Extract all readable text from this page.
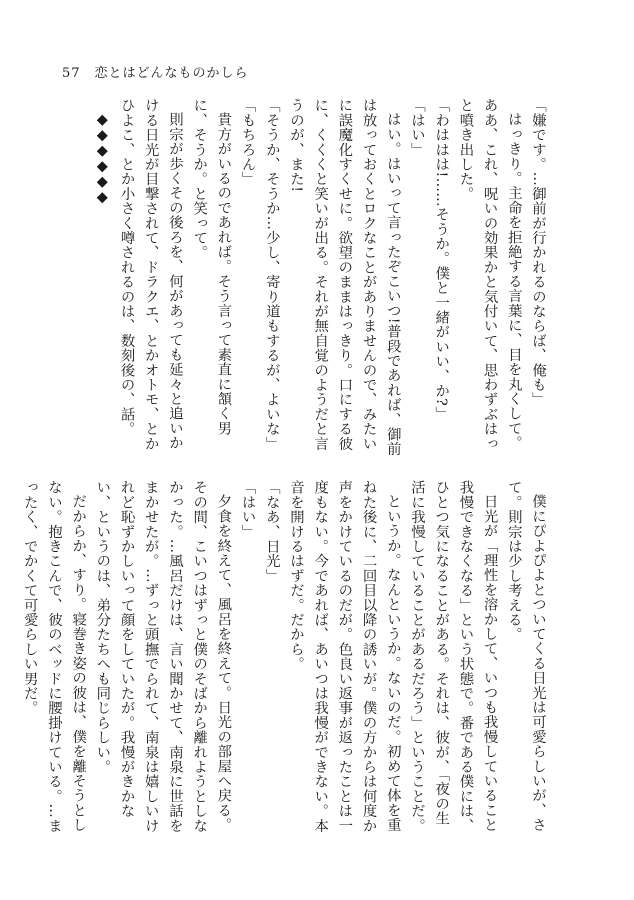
57 恋とはどんなものかしら

「嫌です。…御前が行かれるのならば、俺も」

はっきり。主命を拒絶する言葉に、目を丸くして。ああ、これ、呪いの効果かと気付いて、思わずぶはっと噴き出した。

「わははは!……そうか。僕と一緒がいい、か?」

「はい」

はい。はいって言ったぞこいつ!普段であれば、御前は放っておくとロクなことがありませんので、みたいに誤魔化すくせに。欲望のままはっきり。口にする彼に、くくくと笑いが出る。それが無自覚のようだと言うのが、また!

「そうか、そうか…少し、寄り道もするが、よいな」

「もちろん」

貴方がいるのであれば。そう言って素直に頷く男に、そうか。と笑って。

則宗が歩くその後ろを、何があっても延々と追いかける日光が目撃されて、ドラクエ、とかオトモ、とかひよこ、とか小さく噂されるのは、数刻後の、話。

◆◆◆◆◆◆

僕にぴよぴよとついてくる日光は可愛らしいが、さて。則宗は少し考える。

日光が「理性を溶かして、いつも我慢していること我慢できなくなる」という状態で。番である僕には、ひとつ気になることがある。それは、彼が、「夜の生活に我慢していることがあるだろう」ということだ。

というか。なんというか。ないのだ。初めて体を重ねた後に、二回目以降の誘いが。僕の方からは何度か声をかけているのだが。色良い返事が返ったことは一度もない。今であれば、あいつは我慢ができない。本音を開けるはずだ。だから。

「なあ、日光」

「はい」

夕食を終えて、風呂を終えて。日光の部屋へ戻る。その間、こいつはずっと僕のそばから離れようとしなかった。…風呂だけは、言い聞かせて、南泉に世話をまかせたが。…ずっと頭撫でられて、南泉は嬉しいけれど恥ずかしいって顔をしていたが。我慢がきかない、というのは、弟分たちへも同じらしい。

だからか、すり。寝巻き姿の彼は、僕を離そうとしない。抱きこんで、彼のベッドに腰掛けている。…まったく、でかくて可愛らしい男だ。
